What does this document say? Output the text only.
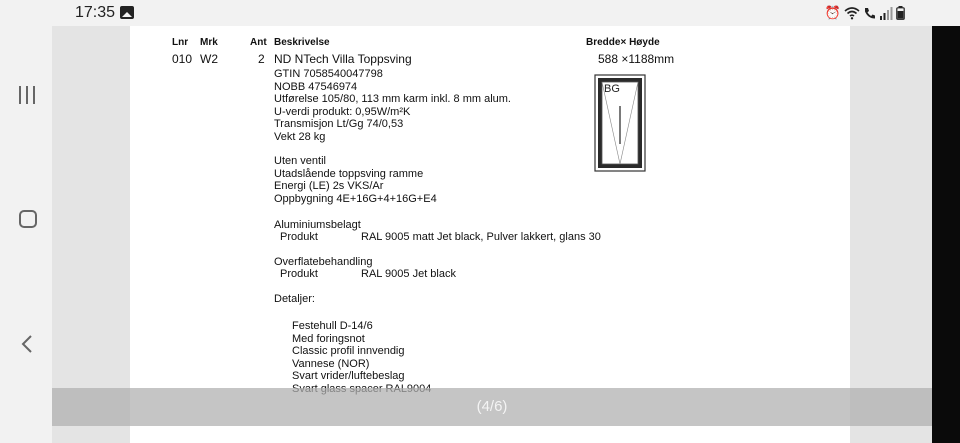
17:35	⏰
Lnr Mrk	Ant Beskrivelse	Bredde× Høyde
010 W2	2 ND NTech Villa Toppsving	588 ×1188mm
GTIN 7058540047798
NOBB 47546974
Utførelse 105/80, 113 mm karm inkl. 8 mm alum.
U-verdi produkt: 0,95W/m²K
Transmisjon Lt/Gg 74/0,53
Vekt 28 kg
Uten ventil
Utadslående toppsving ramme
Energi (LE) 2s VKS/Ar
Oppbygning 4E+16G+4+16G+E4
Aluminiumsbelagt
Produkt	RAL 9005 matt Jet black, Pulver lakkert, glans 30
Overflatebehandling
Produkt	RAL 9005 Jet black
Detaljer:
Festehull D-14/6
Med foringsnot
Classic profil innvendig
Vannese (NOR)
Svart vrider/luftebeslag
BG
(4/6)
